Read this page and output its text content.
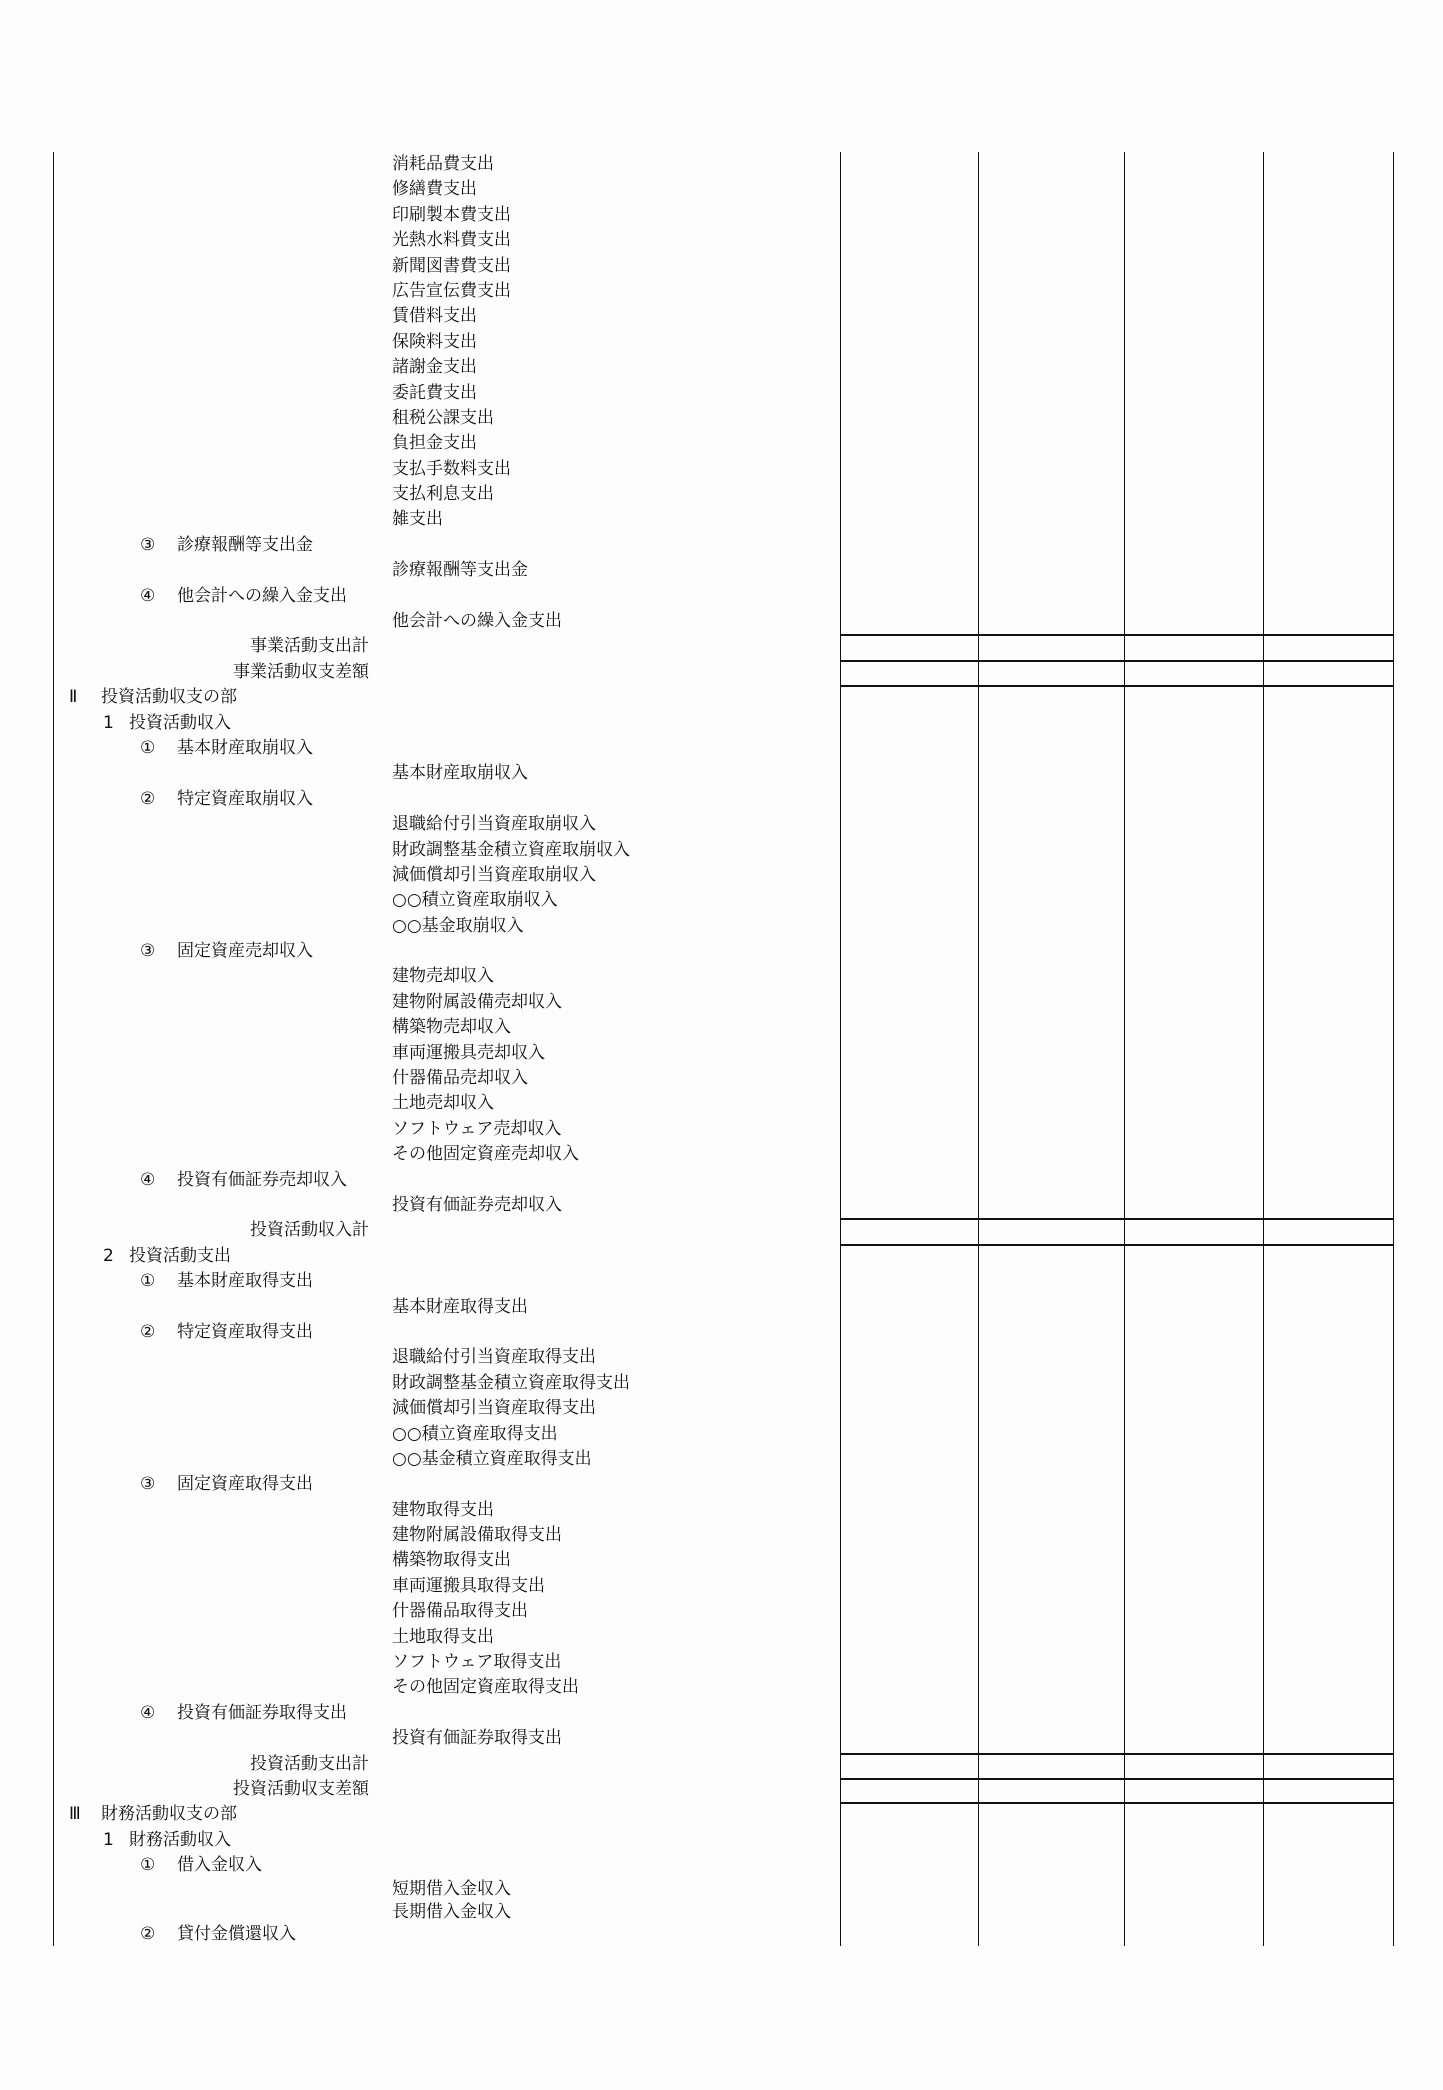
消耗品費支出
修繕費支出
印刷製本費支出
光熱水料費支出
新聞図書費支出
広告宣伝費支出
賃借料支出
保険料支出
諸謝金支出
委託費支出
租税公課支出
負担金支出
支払手数料支出
支払利息支出
雑支出
③ 診療報酬等支出金
診療報酬等支出金
④ 他会計への繰入金支出
他会計への繰入金支出
事業活動支出計
事業活動収支差額
Ⅱ 投資活動収支の部
1 投資活動収入
① 基本財産取崩収入
基本財産取崩収入
② 特定資産取崩収入
退職給付引当資産取崩収入
財政調整基金積立資産取崩収入
減価償却引当資産取崩収入
○○積立資産取崩収入
○○基金取崩収入
③ 固定資産売却収入
建物売却収入
建物附属設備売却収入
構築物売却収入
車両運搬具売却収入
什器備品売却収入
土地売却収入
ソフトウェア売却収入
その他固定資産売却収入
④ 投資有価証券売却収入
投資有価証券売却収入
投資活動収入計
2 投資活動支出
① 基本財産取得支出
基本財産取得支出
② 特定資産取得支出
退職給付引当資産取得支出
財政調整基金積立資産取得支出
減価償却引当資産取得支出
○○積立資産取得支出
○○基金積立資産取得支出
③ 固定資産取得支出
建物取得支出
建物附属設備取得支出
構築物取得支出
車両運搬具取得支出
什器備品取得支出
土地取得支出
ソフトウェア取得支出
その他固定資産取得支出
④ 投資有価証券取得支出
投資有価証券取得支出
投資活動支出計
投資活動収支差額
Ⅲ 財務活動収支の部
1 財務活動収入
① 借入金収入
短期借入金収入
長期借入金収入
② 貸付金償還収入
